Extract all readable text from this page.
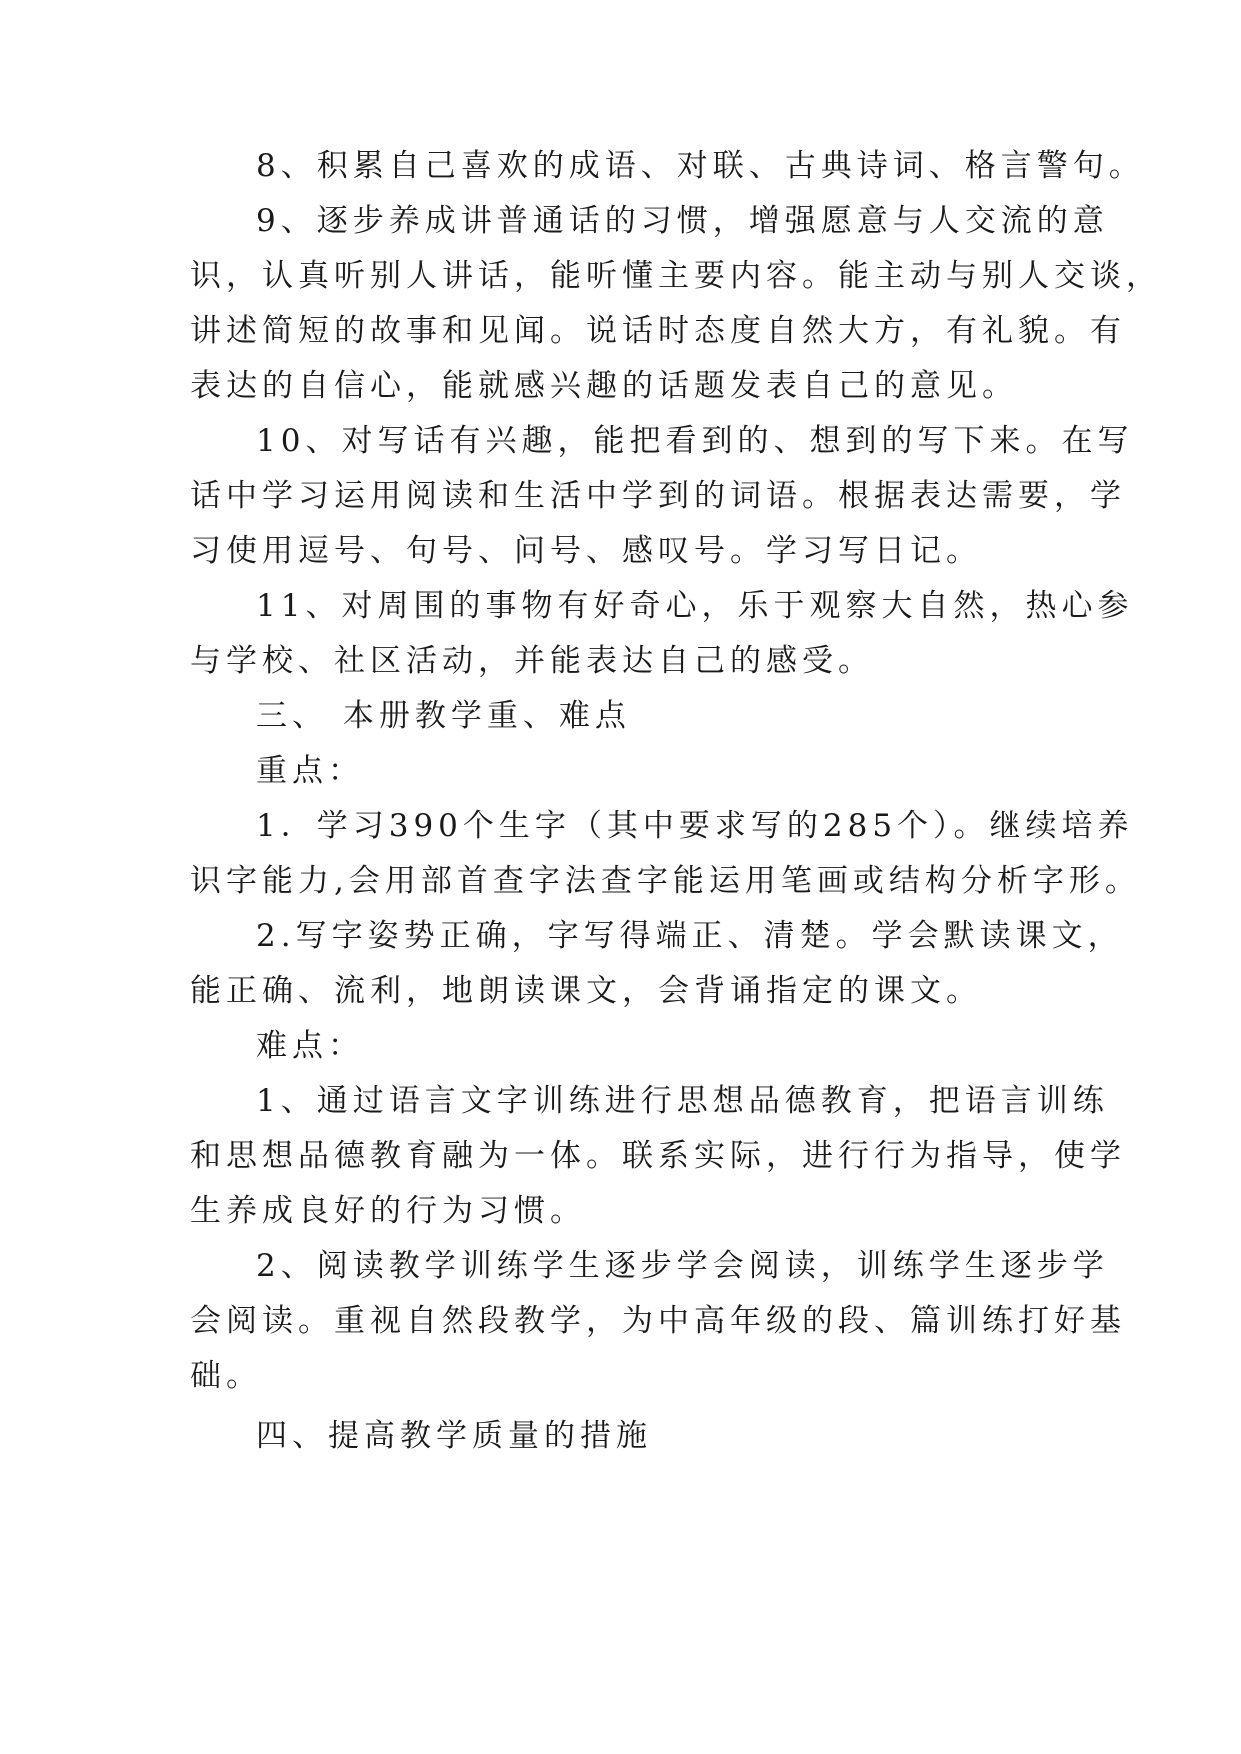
8、积累自己喜欢的成语、对联、古典诗词、格言警句。
9、逐步养成讲普通话的习惯，增强愿意与人交流的意
识，认真听别人讲话，能听懂主要内容。能主动与别人交谈，
讲述简短的故事和见闻。说话时态度自然大方，有礼貌。有
表达的自信心，能就感兴趣的话题发表自己的意见。
10、对写话有兴趣，能把看到的、想到的写下来。在写
话中学习运用阅读和生活中学到的词语。根据表达需要，学
习使用逗号、句号、问号、感叹号。学习写日记。
11、对周围的事物有好奇心，乐于观察大自然，热心参
与学校、社区活动，并能表达自己的感受。
三、 本册教学重、难点
重点：
1．学习390个生字（其中要求写的285个）。继续培养
识字能力,会用部首查字法查字能运用笔画或结构分析字形。
2.写字姿势正确，字写得端正、清楚。学会默读课文，
能正确、流利，地朗读课文，会背诵指定的课文。
难点：
1、通过语言文字训练进行思想品德教育，把语言训练
和思想品德教育融为一体。联系实际，进行行为指导，使学
生养成良好的行为习惯。
2、阅读教学训练学生逐步学会阅读，训练学生逐步学
会阅读。重视自然段教学，为中高年级的段、篇训练打好基
础。
四、提高教学质量的措施
